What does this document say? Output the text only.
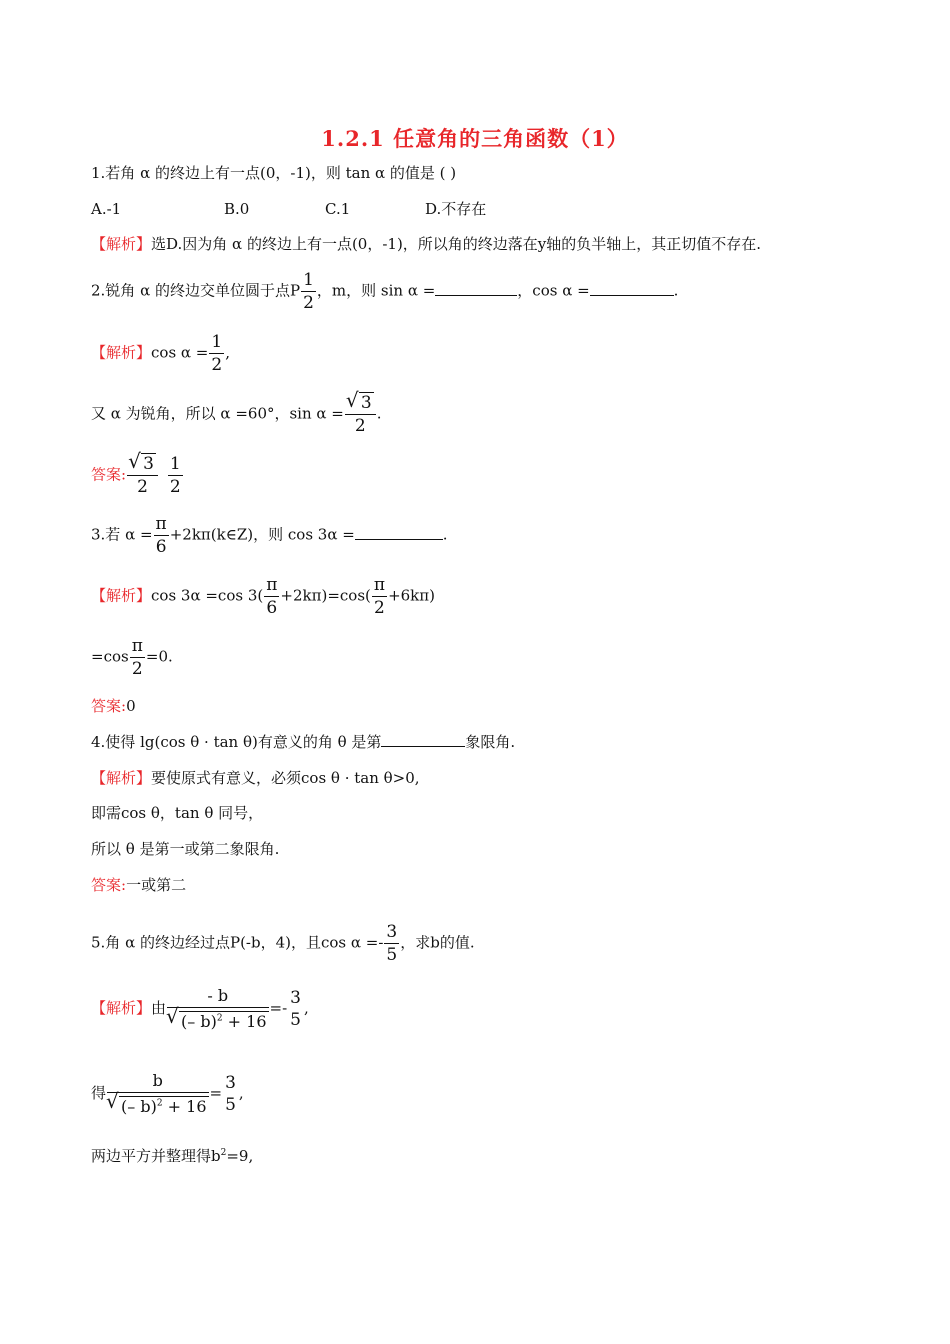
1.2.1 任意角的三角函数（1）
1.若角 α 的终边上有一点(0，-1)，则 tan α 的值是 ( )
A.-1	B.0	C.1	D.不存在
【解析】选D.因为角 α 的终边上有一点(0，-1)，所以角的终边落在y轴的负半轴上，其正切值不存在.
2.锐角 α 的终边交单位圆于点P $\frac{1}{2}$ ，m，则 sin α =	，cos α =	.
【解析】$\cos \alpha = \frac{1}{2}$ ,
又 α 为锐角，所以 α =60°，sin α = √ $\frac{3}{2}$ .
答案: √ $\frac{3}{2} \frac{1}{2}$
3.若 $\alpha = \frac{\pi}{6}$ +2kπ(k∈Z)，则 cos 3α =	.
【解析】cos 3α =cos $3( \frac{\pi}{6} +2k\pi)=\cos( \frac{\pi}{2} +6k\pi)$
$=\cos \frac{\pi}{2} =0$.
答案:0
4.使得 lg(cos θ · tan θ)有意义的角 θ 是第	象限角.
【解析】要使原式有意义，必须cos θ · tan θ>0,
即需cos θ，tan θ 同号，
所以 θ 是第一或第二象限角.
答案:一或第二
5.角 α 的终边经过点P(-b，4)，且$\cos \alpha =- \frac{3}{5}$ ，求b的值.
【解析】由 - b
√ (– b)$^2$ + 16 =- 3
5
,
得 b
√ (– b)$^2$ + 16 = 3
5
,
两边平方并整理得$b^2=9$,
